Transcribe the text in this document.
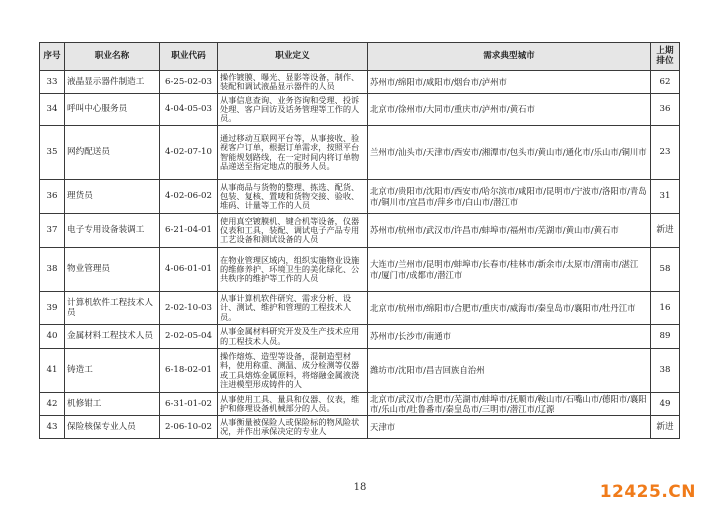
序号	职业名称	职业代码	职业定义	需求典型城市	上期排位
33	液晶显示器件制造工	6-25-02-03	操作镀膜、曝光、显影等设备，制作、装配和调试液晶显示器件的人员	苏州市/绵阳市/咸阳市/烟台市/泸州市	62
34	呼叫中心服务员	4-04-05-03	从事信息查询、业务咨询和受理、投诉处理、客户回访及话务管理等工作的人员。	北京市/徐州市/大同市/重庆市/泸州市/黄石市	36
35	网约配送员	4-02-07-10	通过移动互联网平台等，从事接收、验视客户订单，根据订单需求，按照平台智能规划路线，在一定时间内将订单物品递送至指定地点的服务人员。	兰州市/汕头市/天津市/西安市/湘潭市/包头市/黄山市/通化市/乐山市/铜川市	23
36	理货员	4-02-06-02	从事商品与货物的整理、拣选、配货、包装、复核、置唛和货物交接、验收、堆码、计量等工作的人员	北京市/贵阳市/沈阳市/西安市/哈尔滨市/咸阳市/昆明市/宁波市/洛阳市/青岛市/铜川市/宜昌市/萍乡市/白山市/潜江市	31
37	电子专用设备装调工	6-21-04-01	使用真空镀膜机、键合机等设备，仪器仪表和工具，装配、调试电子产品专用工艺设备和测试设备的人员	苏州市/杭州市/武汉市/许昌市/蚌埠市/福州市/芜湖市/黄山市/黄石市	新进
38	物业管理员	4-06-01-01	在物业管理区域内，组织实施物业设施的维修养护、环境卫生的美化绿化、公共秩序的维护等工作的人员	大连市/兰州市/昆明市/蚌埠市/长春市/桂林市/新余市/太原市/渭南市/湛江市/厦门市/成都市/潜江市	58
39	计算机软件工程技术人员	2-02-10-03	从事计算机软件研究、需求分析、设计、测试、维护和管理的工程技术人员。	北京市/杭州市/绵阳市/合肥市/重庆市/威海市/秦皇岛市/襄阳市/牡丹江市	16
40	金属材料工程技术人员	2-02-05-04	从事金属材料研究开发及生产技术应用的工程技术人员。	苏州市/长沙市/南通市	89
41	铸造工	6-18-02-01	操作熔炼、造型等设备，混制造型材料，使用称重、测温、成分检测等仪器或工具熔炼金属原料，将熔融金属液浇注进模型形成铸件的人	潍坊市/沈阳市/昌吉回族自治州	38
42	机修钳工	6-31-01-02	从事使用工具、量具和仪器、仪表，维护和修理设备机械部分的人员。	北京市/武汉市/合肥市/芜湖市/蚌埠市/抚顺市/鞍山市/石嘴山市/德阳市/襄阳市/乐山市/吐鲁番市/秦皇岛市/三明市/潜江市/辽源	49
43	保险核保专业人员	2-06-10-02	从事衡量被保险人或保险标的物风险状况，并作出承保决定的专业人	天津市	新进
18	12425.CN
